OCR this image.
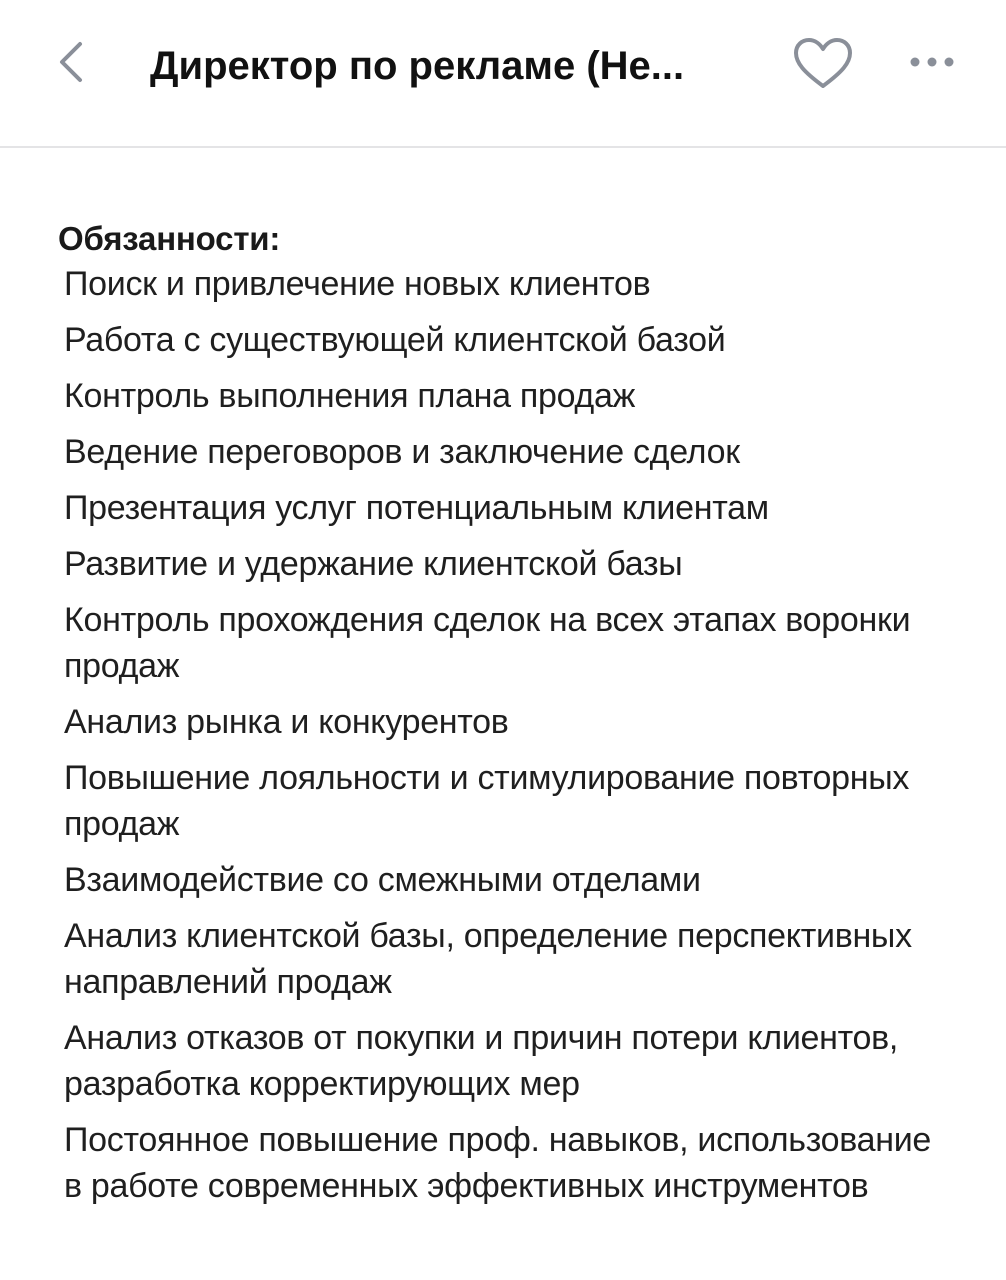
Директор по рекламе (Не...
Обязанности:
Поиск и привлечение новых клиентов
Работа с существующей клиентской базой
Контроль выполнения плана продаж
Ведение переговоров и заключение сделок
Презентация услуг потенциальным клиентам
Развитие и удержание клиентской базы
Контроль прохождения сделок на всех этапах воронки продаж
Анализ рынка и конкурентов
Повышение лояльности и стимулирование повторных продаж
Взаимодействие со смежными отделами
Анализ клиентской базы, определение перспективных направлений продаж
Анализ отказов от покупки и причин потери клиентов, разработка корректирующих мер
Постоянное повышение проф. навыков, использование в работе современных эффективных инструментов
